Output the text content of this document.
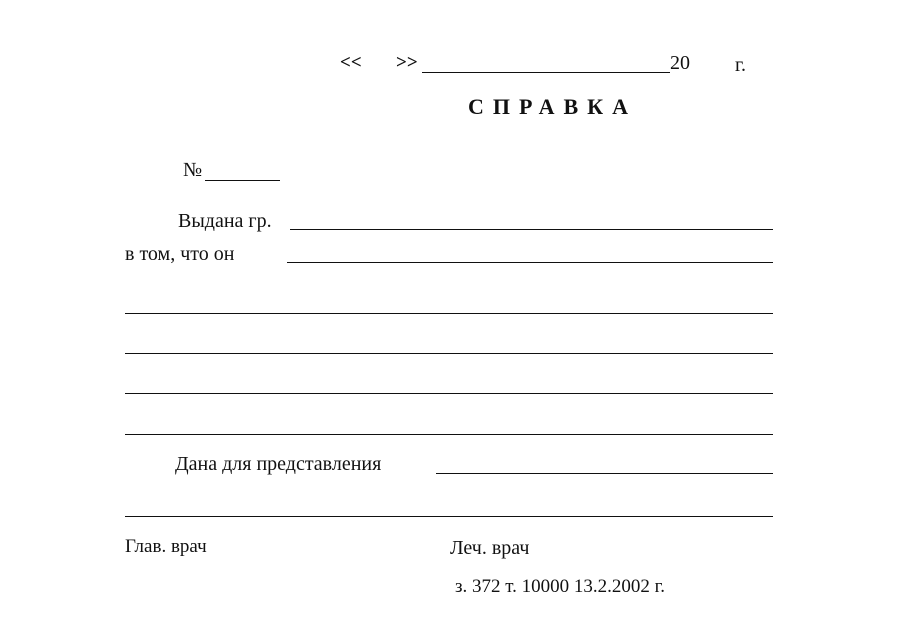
<< >>	20 г.
СПРАВКА
№
Выдана гр.
в том, что он
Дана для представления
Глав. врач	Леч. врач
з. 372 т. 10000 13.2.2002 г.
